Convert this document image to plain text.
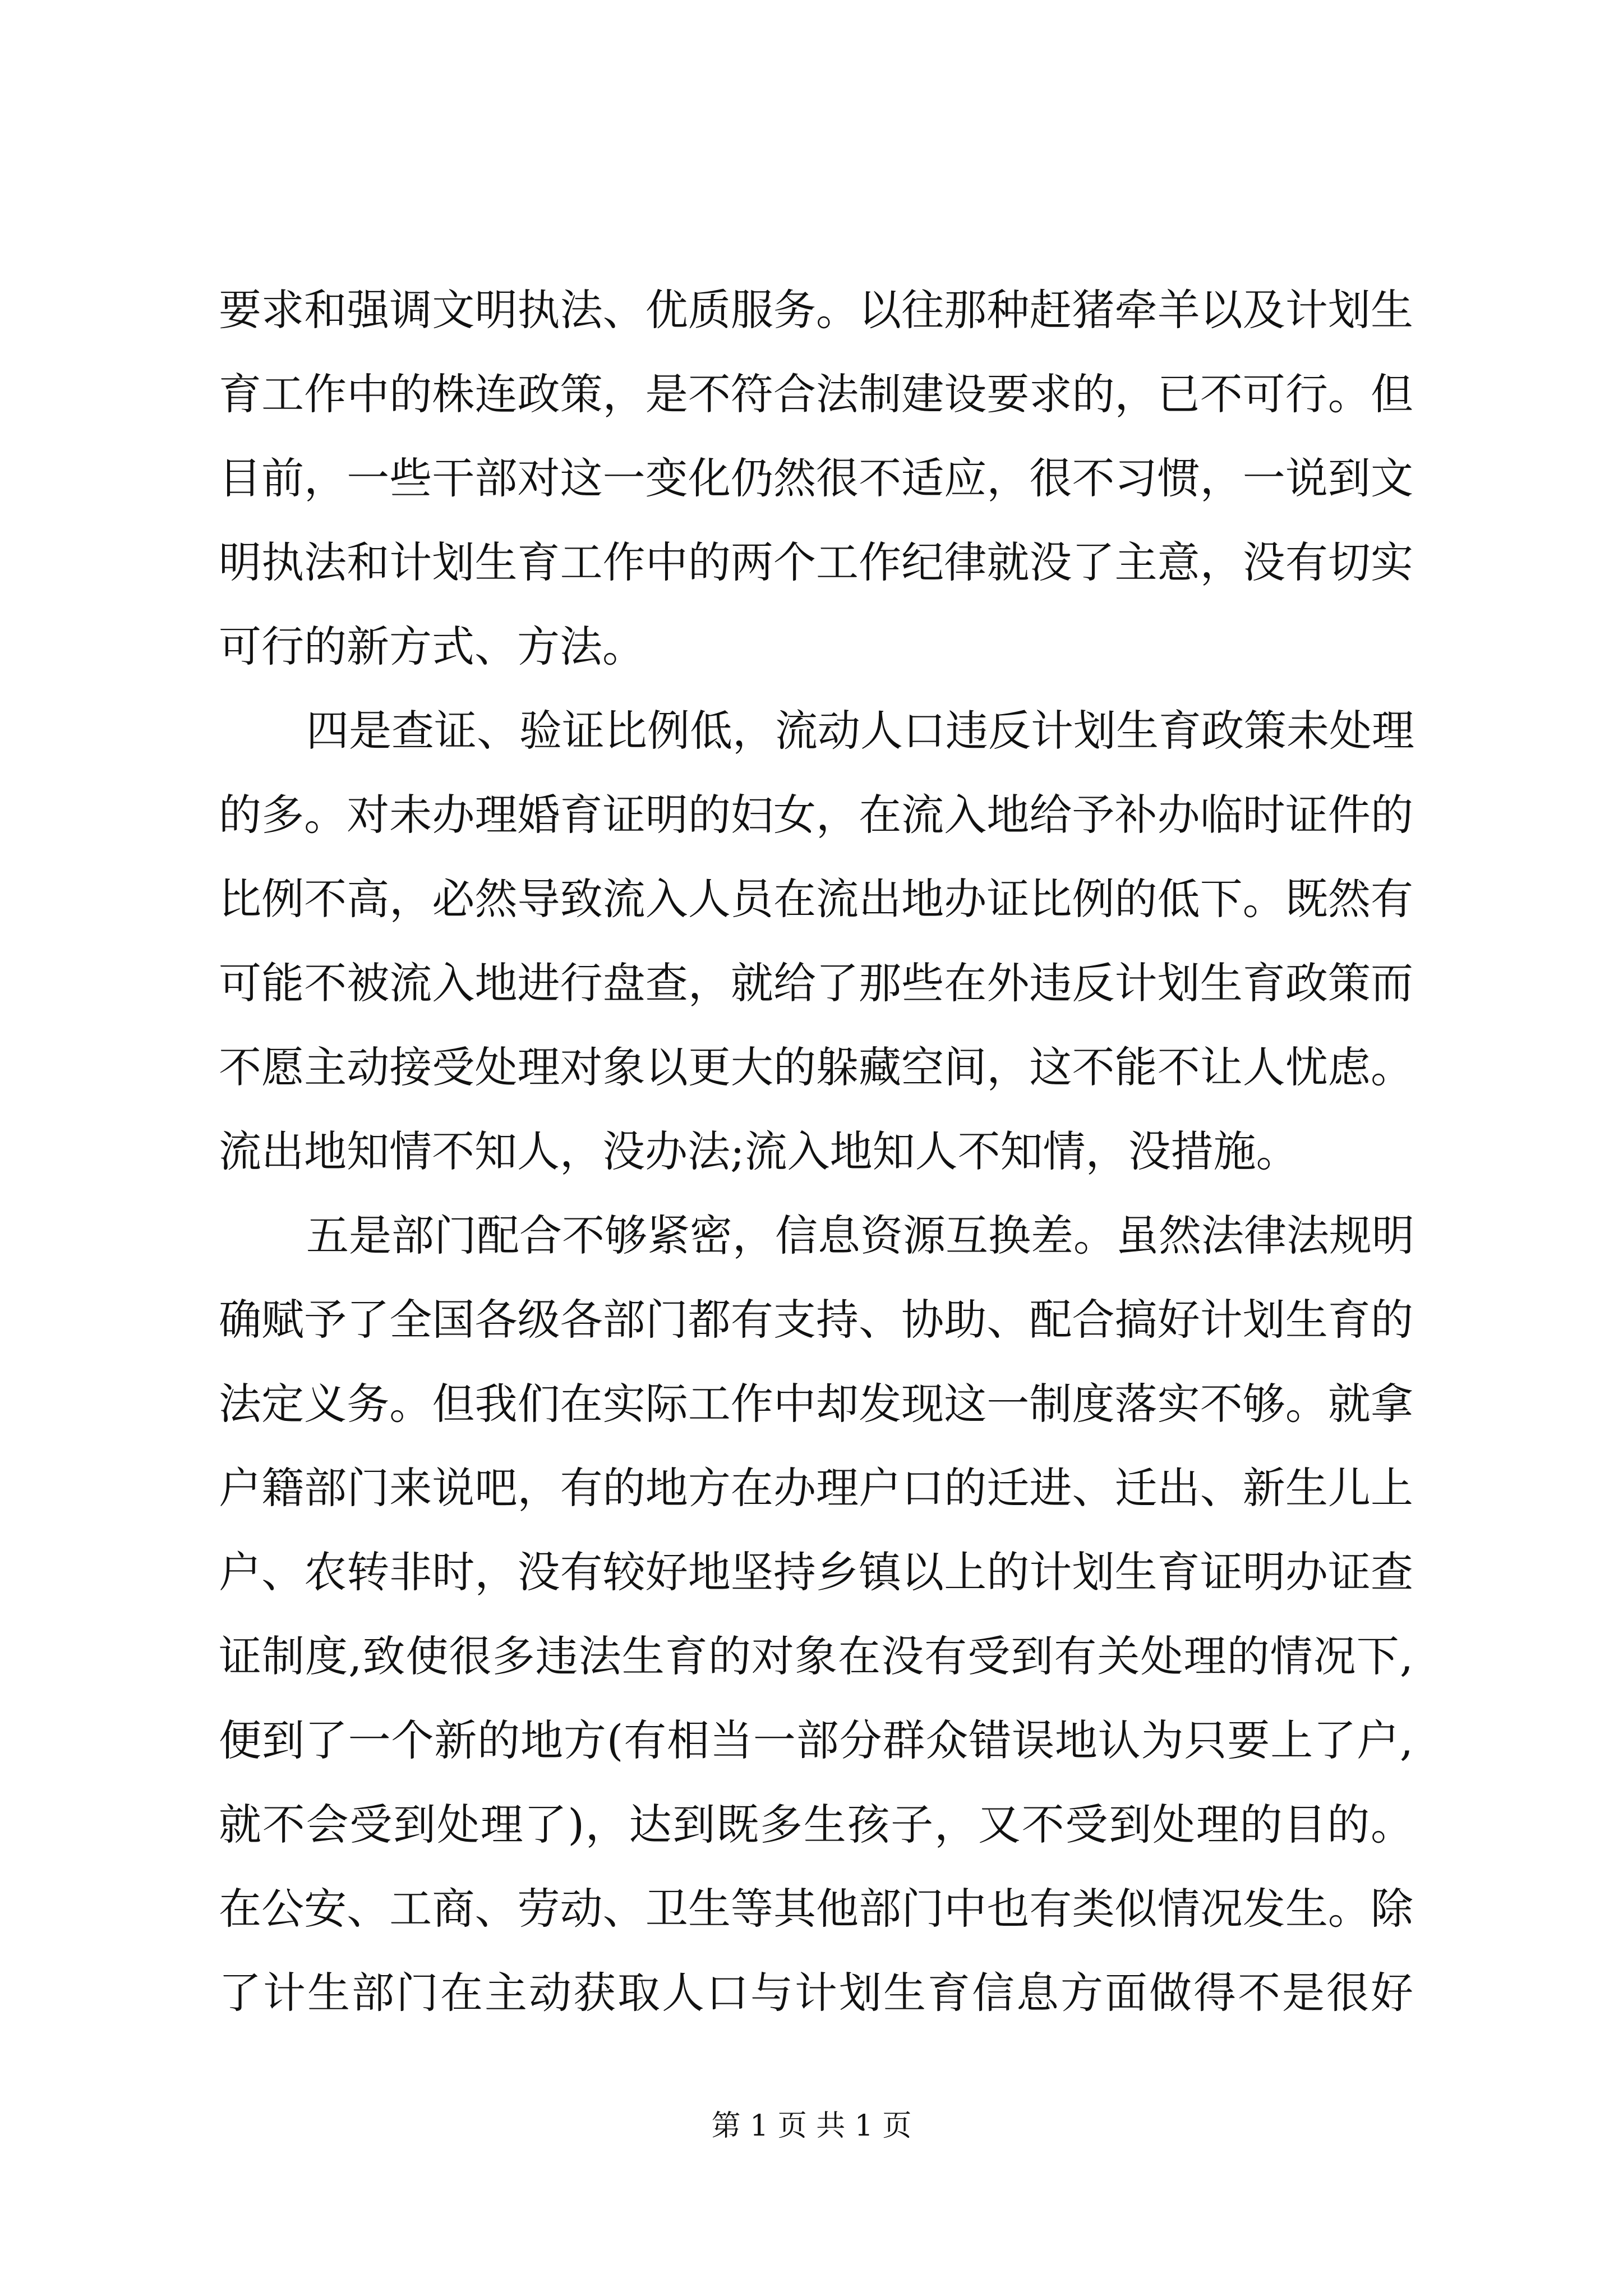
要求和强调文明执法、优质服务。以往那种赶猪牵羊以及计划生
育工作中的株连政策，是不符合法制建设要求的，已不可行。但
目前，一些干部对这一变化仍然很不适应，很不习惯，一说到文
明执法和计划生育工作中的两个工作纪律就没了主意，没有切实
可行的新方式、方法。
四是查证、验证比例低，流动人口违反计划生育政策未处理
的多。对未办理婚育证明的妇女，在流入地给予补办临时证件的
比例不高，必然导致流入人员在流出地办证比例的低下。既然有
可能不被流入地进行盘查，就给了那些在外违反计划生育政策而
不愿主动接受处理对象以更大的躲藏空间，这不能不让人忧虑。
流出地知情不知人，没办法;流入地知人不知情，没措施。
五是部门配合不够紧密，信息资源互换差。虽然法律法规明
确赋予了全国各级各部门都有支持、协助、配合搞好计划生育的
法定义务。但我们在实际工作中却发现这一制度落实不够。就拿
户籍部门来说吧，有的地方在办理户口的迁进、迁出、新生儿上
户、农转非时，没有较好地坚持乡镇以上的计划生育证明办证查
证制度,致使很多违法生育的对象在没有受到有关处理的情况下,
便到了一个新的地方(有相当一部分群众错误地认为只要上了户,
就不会受到处理了)，达到既多生孩子，又不受到处理的目的。
在公安、工商、劳动、卫生等其他部门中也有类似情况发生。除
了计生部门在主动获取人口与计划生育信息方面做得不是很好
第 1 页 共 1 页
